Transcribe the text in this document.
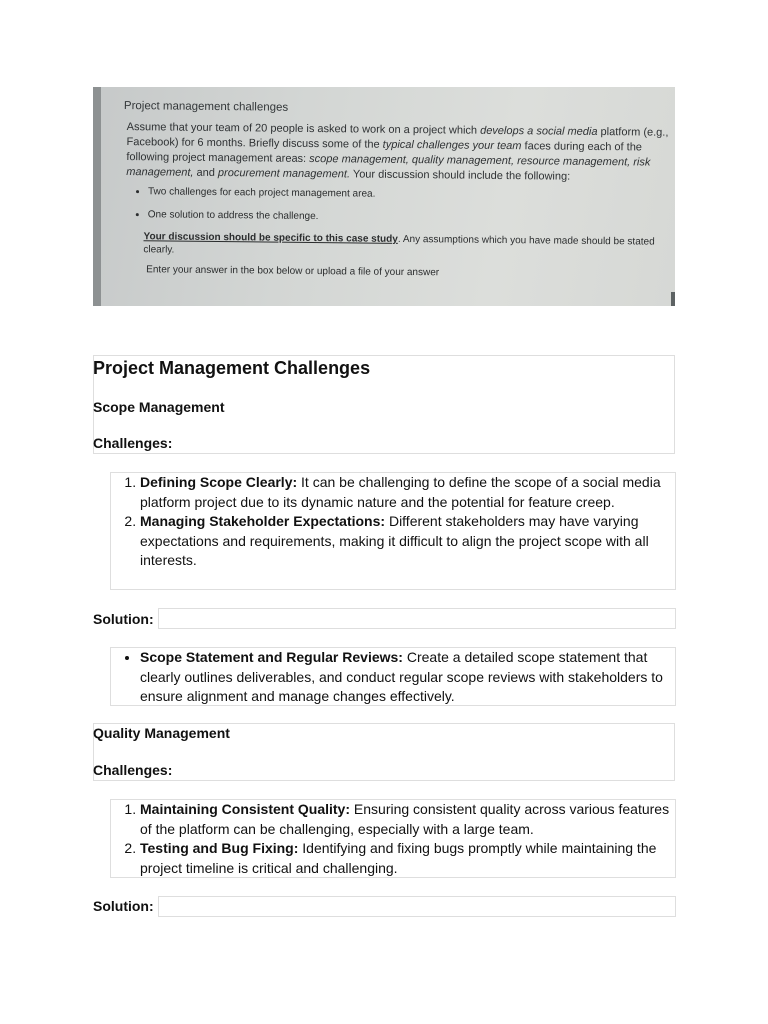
Project management challenges
Assume that your team of 20 people is asked to work on a project which develops a social media platform (e.g., Facebook) for 6 months. Briefly discuss some of the typical challenges your team faces during each of the following project management areas: scope management, quality management, resource management, risk management, and procurement management. Your discussion should include the following:
• Two challenges for each project management area.
• One solution to address the challenge.
Your discussion should be specific to this case study. Any assumptions which you have made should be stated clearly.
Enter your answer in the box below or upload a file of your answer
Project Management Challenges
Scope Management
Challenges:
1. Defining Scope Clearly: It can be challenging to define the scope of a social media platform project due to its dynamic nature and the potential for feature creep.
2. Managing Stakeholder Expectations: Different stakeholders may have varying expectations and requirements, making it difficult to align the project scope with all interests.
Solution:
• Scope Statement and Regular Reviews: Create a detailed scope statement that clearly outlines deliverables, and conduct regular scope reviews with stakeholders to ensure alignment and manage changes effectively.
Quality Management
Challenges:
1. Maintaining Consistent Quality: Ensuring consistent quality across various features of the platform can be challenging, especially with a large team.
2. Testing and Bug Fixing: Identifying and fixing bugs promptly while maintaining the project timeline is critical and challenging.
Solution:
